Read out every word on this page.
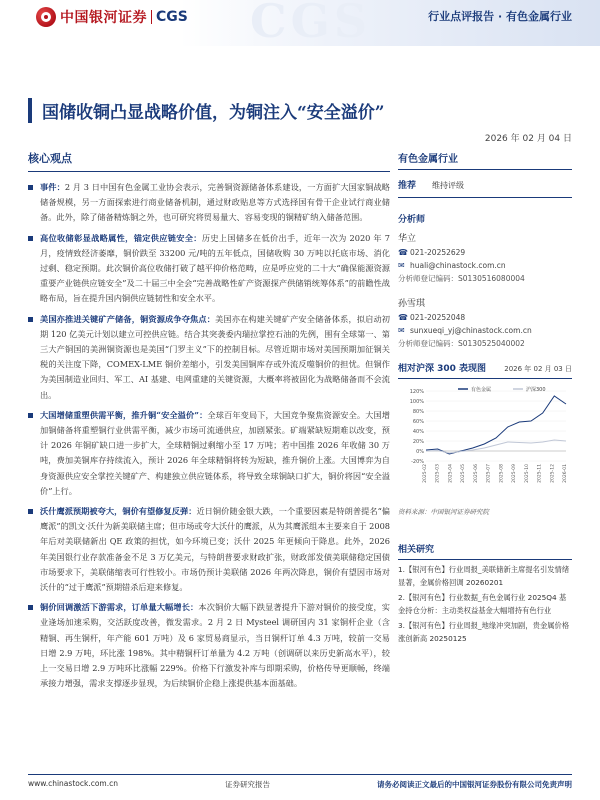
中国银河证券 CGS CGS	行业点评报告 · 有色金属行业
国储收铜凸显战略价值，为铜注入“安全溢价”
2026 年 02 月 04 日
核心观点
事件：2 月 3 日中国有色金属工业协会表示，完善铜资源储备体系建设，一方面扩大国家铜战略储备规模，另一方面探索进行商业储备机制，通过财政贴息等方式选择国有骨干企业试行商业储备。此外，除了储备精炼铜之外，也可研究将贸易量大、容易变现的铜精矿纳入储备范围。
高位收储彰显战略属性，锚定供应链安全：历史上国储多在低价出手，近年一次为 2020 年 7 月，疫情致经济萎靡，铜价跌至 33200 元/吨的五年低点，国储收购 30 万吨以托底市场、消化过剩、稳定预期。此次铜价高位收储打破了越平抑价格范畴，应是呼应党的二十大“确保能源资源重要产业链供应链安全”及二十届三中全会“完善战略性矿产资源探产供储销统筹体系”的前瞻性战略布局，旨在提升国内铜供应链韧性和安全水平。
美国亦推进关键矿产储备，铜资源成争夺焦点：美国亦在构建关键矿产安全储备体系，拟启动初期 120 亿美元计划以建立可控供应链。结合其突袭委内瑞拉掌控石油的先例，围有全球第一、第三大产铜国的美洲铜资源也是美国“门罗主义”下的控制目标。尽管近期市场对美国预期加征铜关税的关注度下降，COMEX-LME 铜价差缩小，引发美国铜库存或外流反噬铜价的担忧。但铜作为美国制造业回归、军工、AI 基建、电网重建的关键资源，大概率将被固化为战略储备而不会流出。
大国增储重塑供需平衡，推升铜“安全溢价”：全球百年变局下，大国竞争聚焦资源安全。大国增加铜储备将重塑铜行业供需平衡，减少市场可流通供应，加剧紧张。矿端紧缺短期难以改变，预计 2026 年铜矿缺口进一步扩大，全球精铜过剩缩小至 17 万吨；若中国推 2026 年收储 30 万吨，费加美铜库存持续流入，预计 2026 年全球精铜将转为短缺，推升铜价上涨。大国博弈为自身资源供应安全掌控关键矿产、构建独立供应链体系，将导致全球铜缺口扩大，铜价将因“安全溢价”上行。
沃什鹰派预期被夸大，铜价有望修复反弹：近日铜价随金银大跌，一个重要因素是特朗普提名“偏鹰派”的凯文·沃什为新美联储主席；但市场或夸大沃什的鹰派，从为其鹰派组本主要来自于 2008 年后对美联储新出 QE 政策的担忧，如今环境已变；沃什 2025 年更倾向于降息。此外，2026 年美国银行业存款准备金不足 3 万亿美元，与特朗普要求财政扩张，财政部发债美联储稳定国债市场要求下，美联储缩表可行性较小。市场仍预计美联储 2026 年两次降息，铜价有望因市场对沃什的“过于鹰派”预期错杀后迎来修复。
铜价回调激活下游需求，订单量大幅增长：本次铜价大幅下跌显著提升下游对铜价的接受度，实业逢场加速采购，交活跃度改善，微发需求。2 月 2 日 Mysteel 调研国内 31 家铜杆企业（含精铜、再生铜杆，年产能 601 万吨）及 6 家贸易商显示，当日铜杆订单 4.3 万吨，较前一交易日增 2.9 万吨，环比涨 198%。其中精铜杆订单量为 4.2 万吨（创调研以来历史新高水平），较上一交易日增 2.9 万吨环比涨幅 229%。价格下行激发补库与即期采购，价格传导更顺畅，终端承接力增强，需求支撑逐步显现，为后续铜价企稳上涨提供基本面基础。
有色金属行业
推荐 维持评级
分析师
华立
☎ 021-20252629
✉ huali@chinastock.com.cn
分析师登记编码：S0130516080004
孙雪琪
☎ 021-20252048
✉ sunxueqi_yj@chinastock.com.cn
分析师登记编码：S0130525040002
相对沪深 300 表现图	2026 年 02 月 03 日
120%
100%
80%
60%
40%
20%
0%
-20%
2025-02 2025-03 2025-04 2025-05 2025-06 2025-07 2025-08 2025-09 2025-10 2025-11 2025-12 2026-01
有色金属	沪深300
资料来源：中国银河证券研究院
相关研究
1.【银河有色】行业周报_美联储新主席提名引发情绪显著，金属价格回调 20260201
2.【银河有色】行业数据_有色金属行业 2025Q4 基金持仓分析：主动类权益基金大幅增持有色行业
3.【银河有色】行业周报_地缘冲突加剧，贵金属价格涨创新高 20250125
www.chinastock.com.cn	证券研究报告	请务必阅读正文最后的中国银河证券股份有限公司免责声明
